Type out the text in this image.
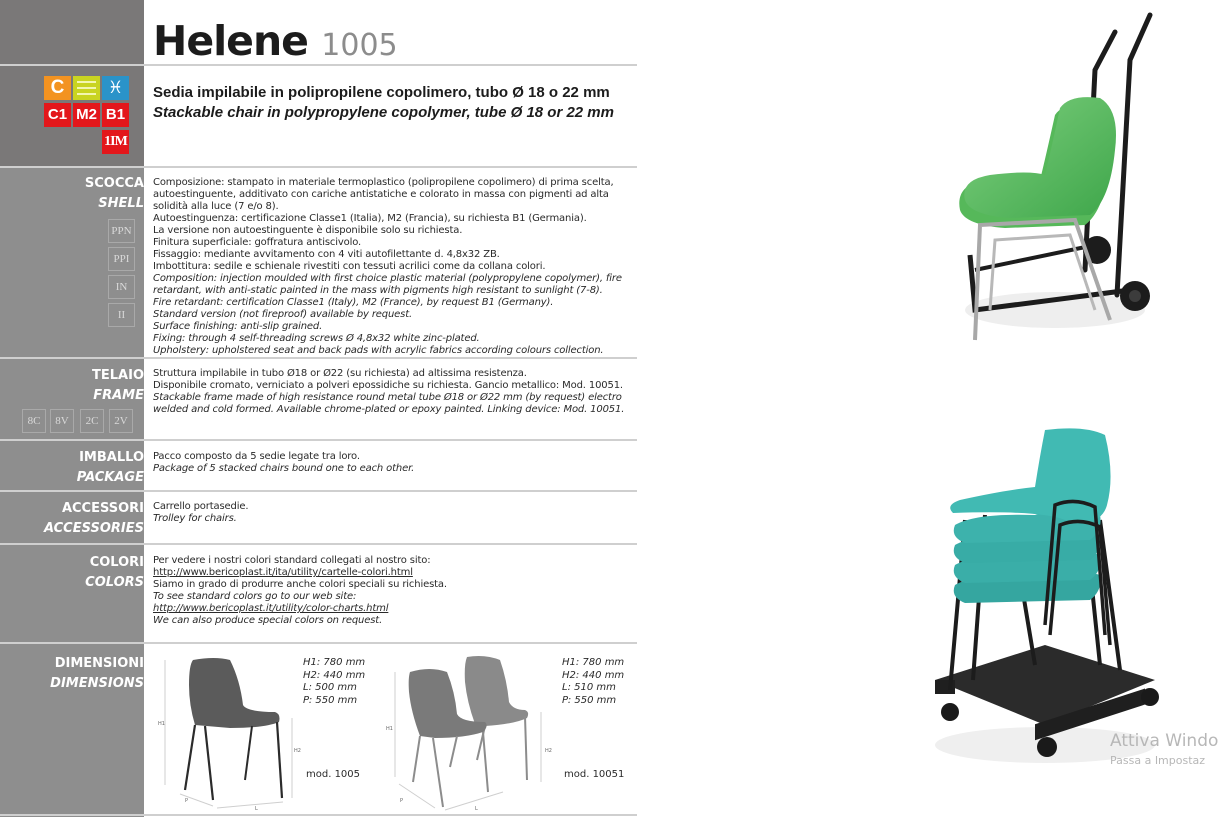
Helene 1005
C	♓︎
C1 M2 B1
1IM
Sedia impilabile in polipropilene copolimero, tubo Ø 18 o 22 mm
Stackable chair in polypropylene copolymer, tube Ø 18 or 22 mm
SCOCCA
SHELL
PPN
PPI
IN
II
Composizione: stampato in materiale termoplastico (polipropilene copolimero) di prima scelta,
autoestinguente, additivato con cariche antistatiche e colorato in massa con pigmenti ad alta
solidità alla luce (7 e/o 8).
Autoestinguenza: certificazione Classe1 (Italia), M2 (Francia), su richiesta B1 (Germania).
La versione non autoestinguente è disponibile solo su richiesta.
Finitura superficiale: goffratura antiscivolo.
Fissaggio: mediante avvitamento con 4 viti autofilettante d. 4,8x32 ZB.
Imbottitura: sedile e schienale rivestiti con tessuti acrilici come da collana colori.
Composition: injection moulded with first choice plastic material (polypropylene copolymer), fire
retardant, with anti-static painted in the mass with pigments high resistant to sunlight (7-8).
Fire retardant: certification Classe1 (Italy), M2 (France), by request B1 (Germany).
Standard version (not fireproof) available by request.
Surface finishing: anti-slip grained.
Fixing: through 4 self-threading screws Ø 4,8x32 white zinc-plated.
Upholstery: upholstered seat and back pads with acrylic fabrics according colours collection.
TELAIO
FRAME
8C	8V	2C	2V
Struttura impilabile in tubo Ø18 or Ø22 (su richiesta) ad altissima resistenza.
Disponibile cromato, verniciato a polveri epossidiche su richiesta. Gancio metallico: Mod. 10051.
Stackable frame made of high resistance round metal tube Ø18 or Ø22 mm (by request) electro
welded and cold formed. Available chrome-plated or epoxy painted. Linking device: Mod. 10051.
IMBALLO
PACKAGE
Pacco composto da 5 sedie legate tra loro.
Package of 5 stacked chairs bound one to each other.
ACCESSORI
ACCESSORIES
Carrello portasedie.
Trolley for chairs.
COLORI
COLORS
Per vedere i nostri colori standard collegati al nostro sito:
http://www.bericoplast.it/ita/utility/cartelle-colori.html
Siamo in grado di produrre anche colori speciali su richiesta.
To see standard colors go to our web site:
http://www.bericoplast.it/utility/color-charts.html
We can also produce special colors on request.
DIMENSIONI
DIMENSIONS
H1
H2
P
L
H1: 780 mm
H2: 440 mm
L: 500 mm
P: 550 mm
mod. 1005
H1
H2
P
L
H1: 780 mm
H2: 440 mm
L: 510 mm
P: 550 mm
mod. 10051
Attiva Windo
Passa a Impostaz
